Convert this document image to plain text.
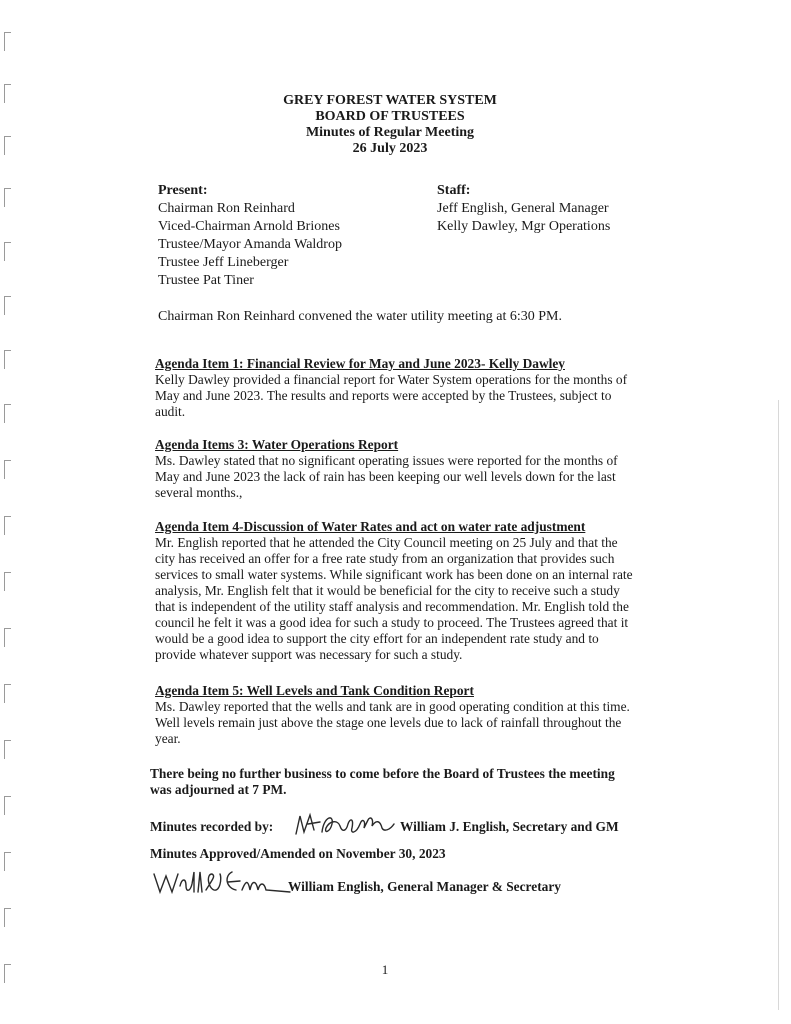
GREY FOREST WATER SYSTEM
BOARD OF TRUSTEES
Minutes of Regular Meeting
26 July 2023
Present:
Chairman Ron Reinhard
Viced-Chairman Arnold Briones
Trustee/Mayor Amanda Waldrop
Trustee Jeff Lineberger
Trustee Pat Tiner
Staff:
Jeff English, General Manager
Kelly Dawley, Mgr Operations
Chairman Ron Reinhard convened the water utility meeting at 6:30 PM.
Agenda Item 1: Financial Review for May and June 2023- Kelly Dawley
Kelly Dawley provided a financial report for Water System operations for the months of
May and June 2023. The results and reports were accepted by the Trustees, subject to
audit.
Agenda Items 3: Water Operations Report
Ms. Dawley stated that no significant operating issues were reported for the months of
May and June 2023 the lack of rain has been keeping our well levels down for the last
several months.,
Agenda Item 4-Discussion of Water Rates and act on water rate adjustment
Mr. English reported that he attended the City Council meeting on 25 July and that the
city has received an offer for a free rate study from an organization that provides such
services to small water systems. While significant work has been done on an internal rate
analysis, Mr. English felt that it would be beneficial for the city to receive such a study
that is independent of the utility staff analysis and recommendation. Mr. English told the
council he felt it was a good idea for such a study to proceed. The Trustees agreed that it
would be a good idea to support the city effort for an independent rate study and to
provide whatever support was necessary for such a study.
Agenda Item 5: Well Levels and Tank Condition Report
Ms. Dawley reported that the wells and tank are in good operating condition at this time.
Well levels remain just above the stage one levels due to lack of rainfall throughout the
year.
There being no further business to come before the Board of Trustees the meeting
was adjourned at 7 PM.
Minutes recorded by:	William J. English, Secretary and GM
Minutes Approved/Amended on November 30, 2023
William English, General Manager & Secretary
1
